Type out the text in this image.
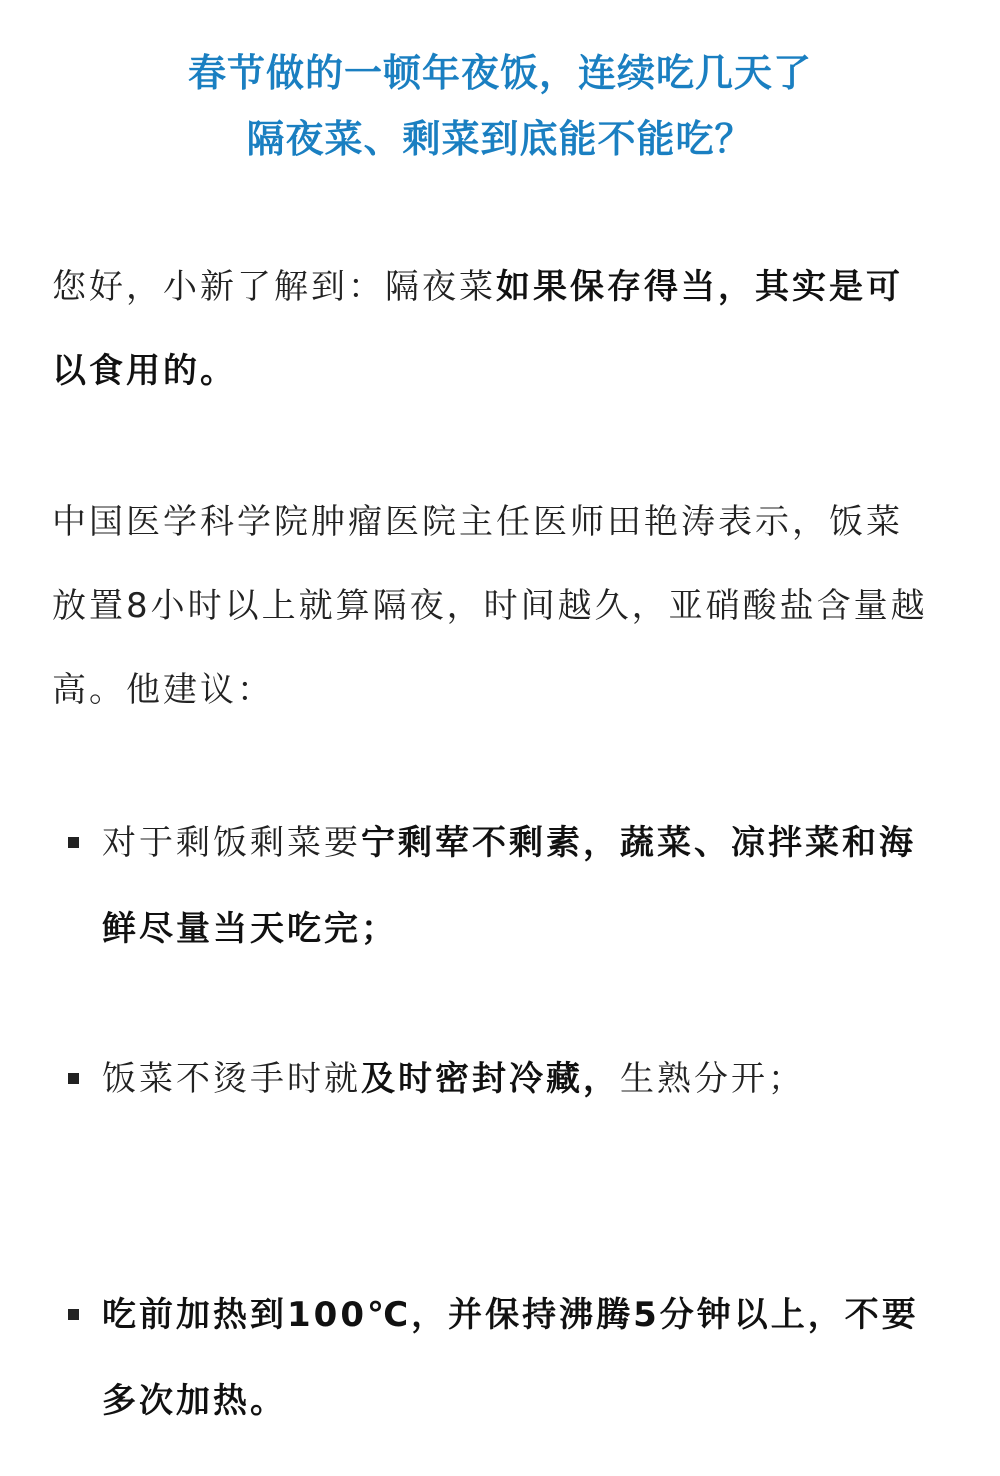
春节做的一顿年夜饭，连续吃几天了
隔夜菜、剩菜到底能不能吃？
您好，小新了解到：隔夜菜如果保存得当，其实是可以食用的。
中国医学科学院肿瘤医院主任医师田艳涛表示，饭菜放置8小时以上就算隔夜，时间越久，亚硝酸盐含量越高。他建议：
对于剩饭剩菜要宁剩荤不剩素，蔬菜、凉拌菜和海鲜尽量当天吃完；
饭菜不烫手时就及时密封冷藏，生熟分开；
吃前加热到100℃，并保持沸腾5分钟以上，不要多次加热。
